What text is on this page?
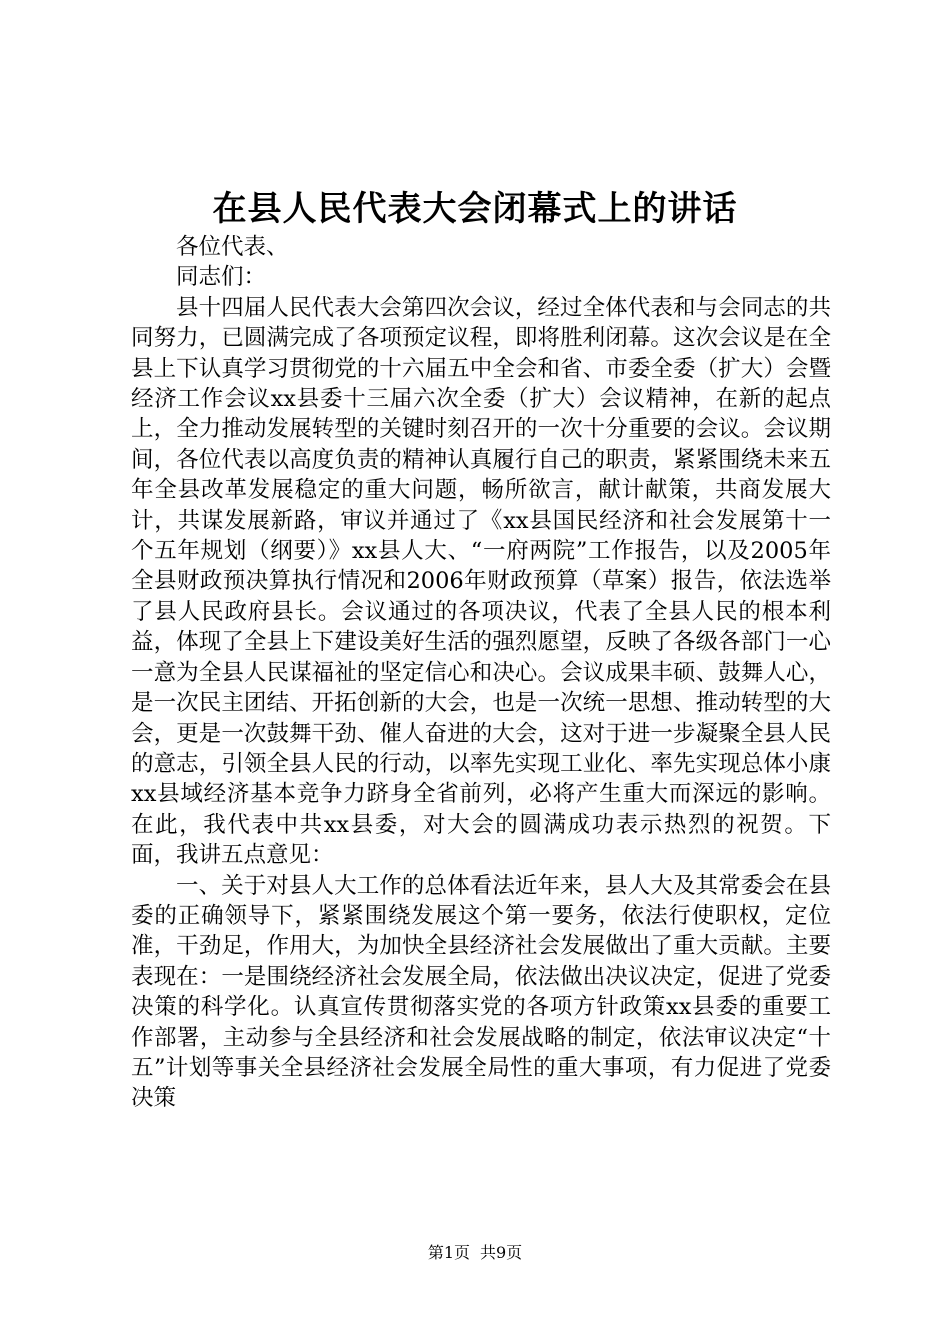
在县人民代表大会闭幕式上的讲话

各位代表、

同志们：

县十四届人民代表大会第四次会议，经过全体代表和与会同志的共同努力，已圆满完成了各项预定议程，即将胜利闭幕。这次会议是在全县上下认真学习贯彻党的十六届五中全会和省、市委全委（扩大）会暨经济工作会议xx县委十三届六次全委（扩大）会议精神，在新的起点上，全力推动发展转型的关键时刻召开的一次十分重要的会议。会议期间，各位代表以高度负责的精神认真履行自己的职责，紧紧围绕未来五年全县改革发展稳定的重大问题，畅所欲言，献计献策，共商发展大计，共谋发展新路，审议并通过了《xx县国民经济和社会发展第十一个五年规划（纲要）》xx县人大、“一府两院”工作报告，以及2005年全县财政预决算执行情况和2006年财政预算（草案）报告，依法选举了县人民政府县长。会议通过的各项决议，代表了全县人民的根本利益，体现了全县上下建设美好生活的强烈愿望，反映了各级各部门一心一意为全县人民谋福祉的坚定信心和决心。会议成果丰硕、鼓舞人心，是一次民主团结、开拓创新的大会，也是一次统一思想、推动转型的大会，更是一次鼓舞干劲、催人奋进的大会，这对于进一步凝聚全县人民的意志，引领全县人民的行动，以率先实现工业化、率先实现总体小康xx县域经济基本竞争力跻身全省前列，必将产生重大而深远的影响。在此，我代表中共xx县委，对大会的圆满成功表示热烈的祝贺。下面，我讲五点意见：

一、关于对县人大工作的总体看法近年来，县人大及其常委会在县委的正确领导下，紧紧围绕发展这个第一要务，依法行使职权，定位准，干劲足，作用大，为加快全县经济社会发展做出了重大贡献。主要表现在：一是围绕经济社会发展全局，依法做出决议决定，促进了党委决策的科学化。认真宣传贯彻落实党的各项方针政策xx县委的重要工作部署，主动参与全县经济和社会发展战略的制定，依法审议决定“十五”计划等事关全县经济社会发展全局性的重大事项，有力促进了党委决策

第1页 共9页
